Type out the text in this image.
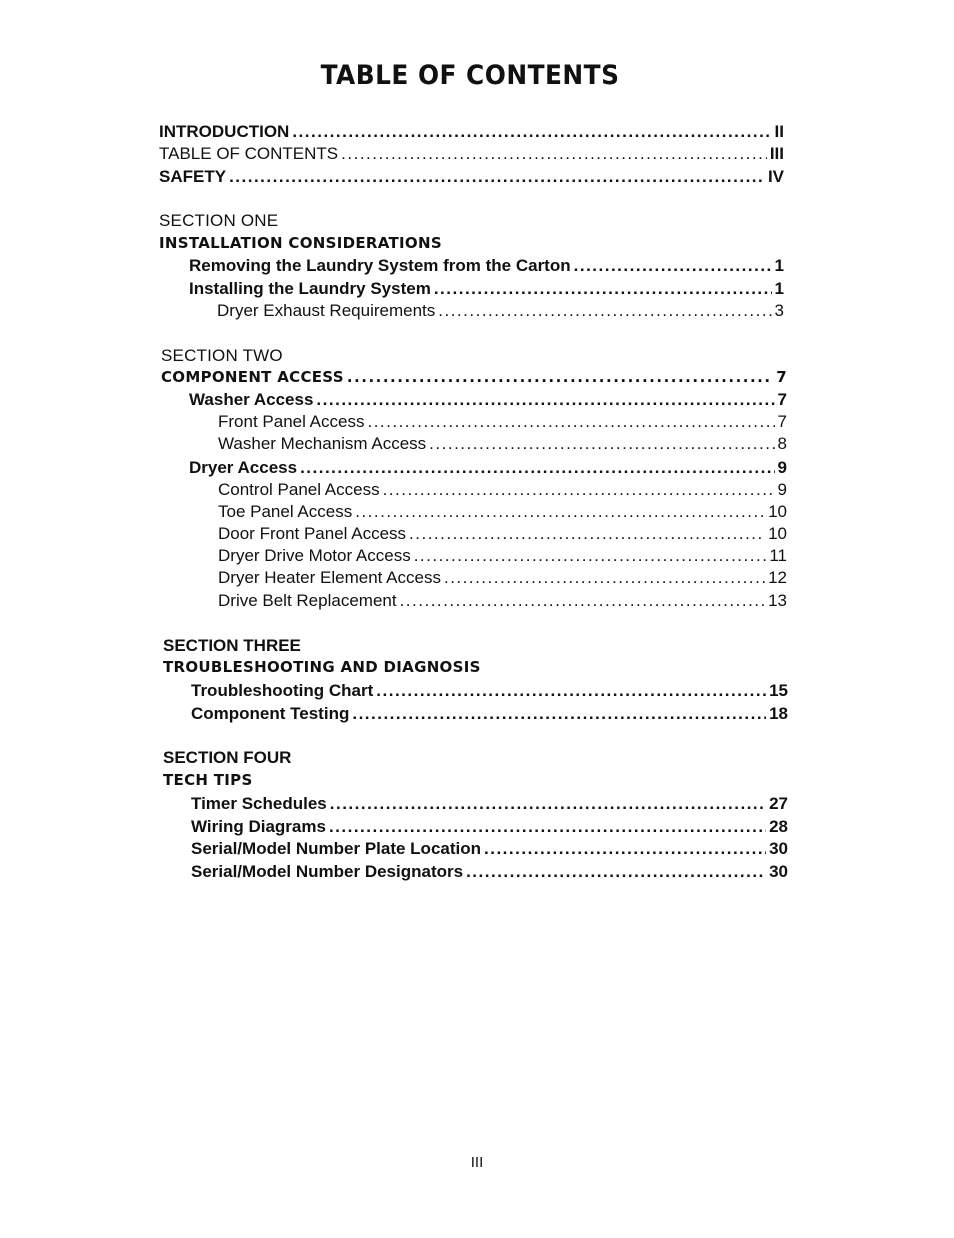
TABLE OF CONTENTS
INTRODUCTION .....	II
TABLE OF CONTENTS .....	III
SAFETY .....	IV
SECTION ONE
INSTALLATION CONSIDERATIONS
Removing the Laundry System from the Carton .....	1
Installing the Laundry System .....	1
Dryer Exhaust Requirements .....	3
SECTION TWO
COMPONENT ACCESS .....	7
Washer Access .....	7
Front Panel Access .....	7
Washer Mechanism Access .....	8
Dryer Access .....	9
Control Panel Access .....	9
Toe Panel Access .....	10
Door Front Panel Access .....	10
Dryer Drive Motor Access .....	11
Dryer Heater Element Access .....	12
Drive Belt Replacement .....	13
SECTION THREE
TROUBLESHOOTING AND DIAGNOSIS
Troubleshooting Chart .....	15
Component Testing .....	18
SECTION FOUR
TECH TIPS
Timer Schedules .....	27
Wiring Diagrams .....	28
Serial/Model Number Plate Location .....	30
Serial/Model Number Designators .....	30
III
